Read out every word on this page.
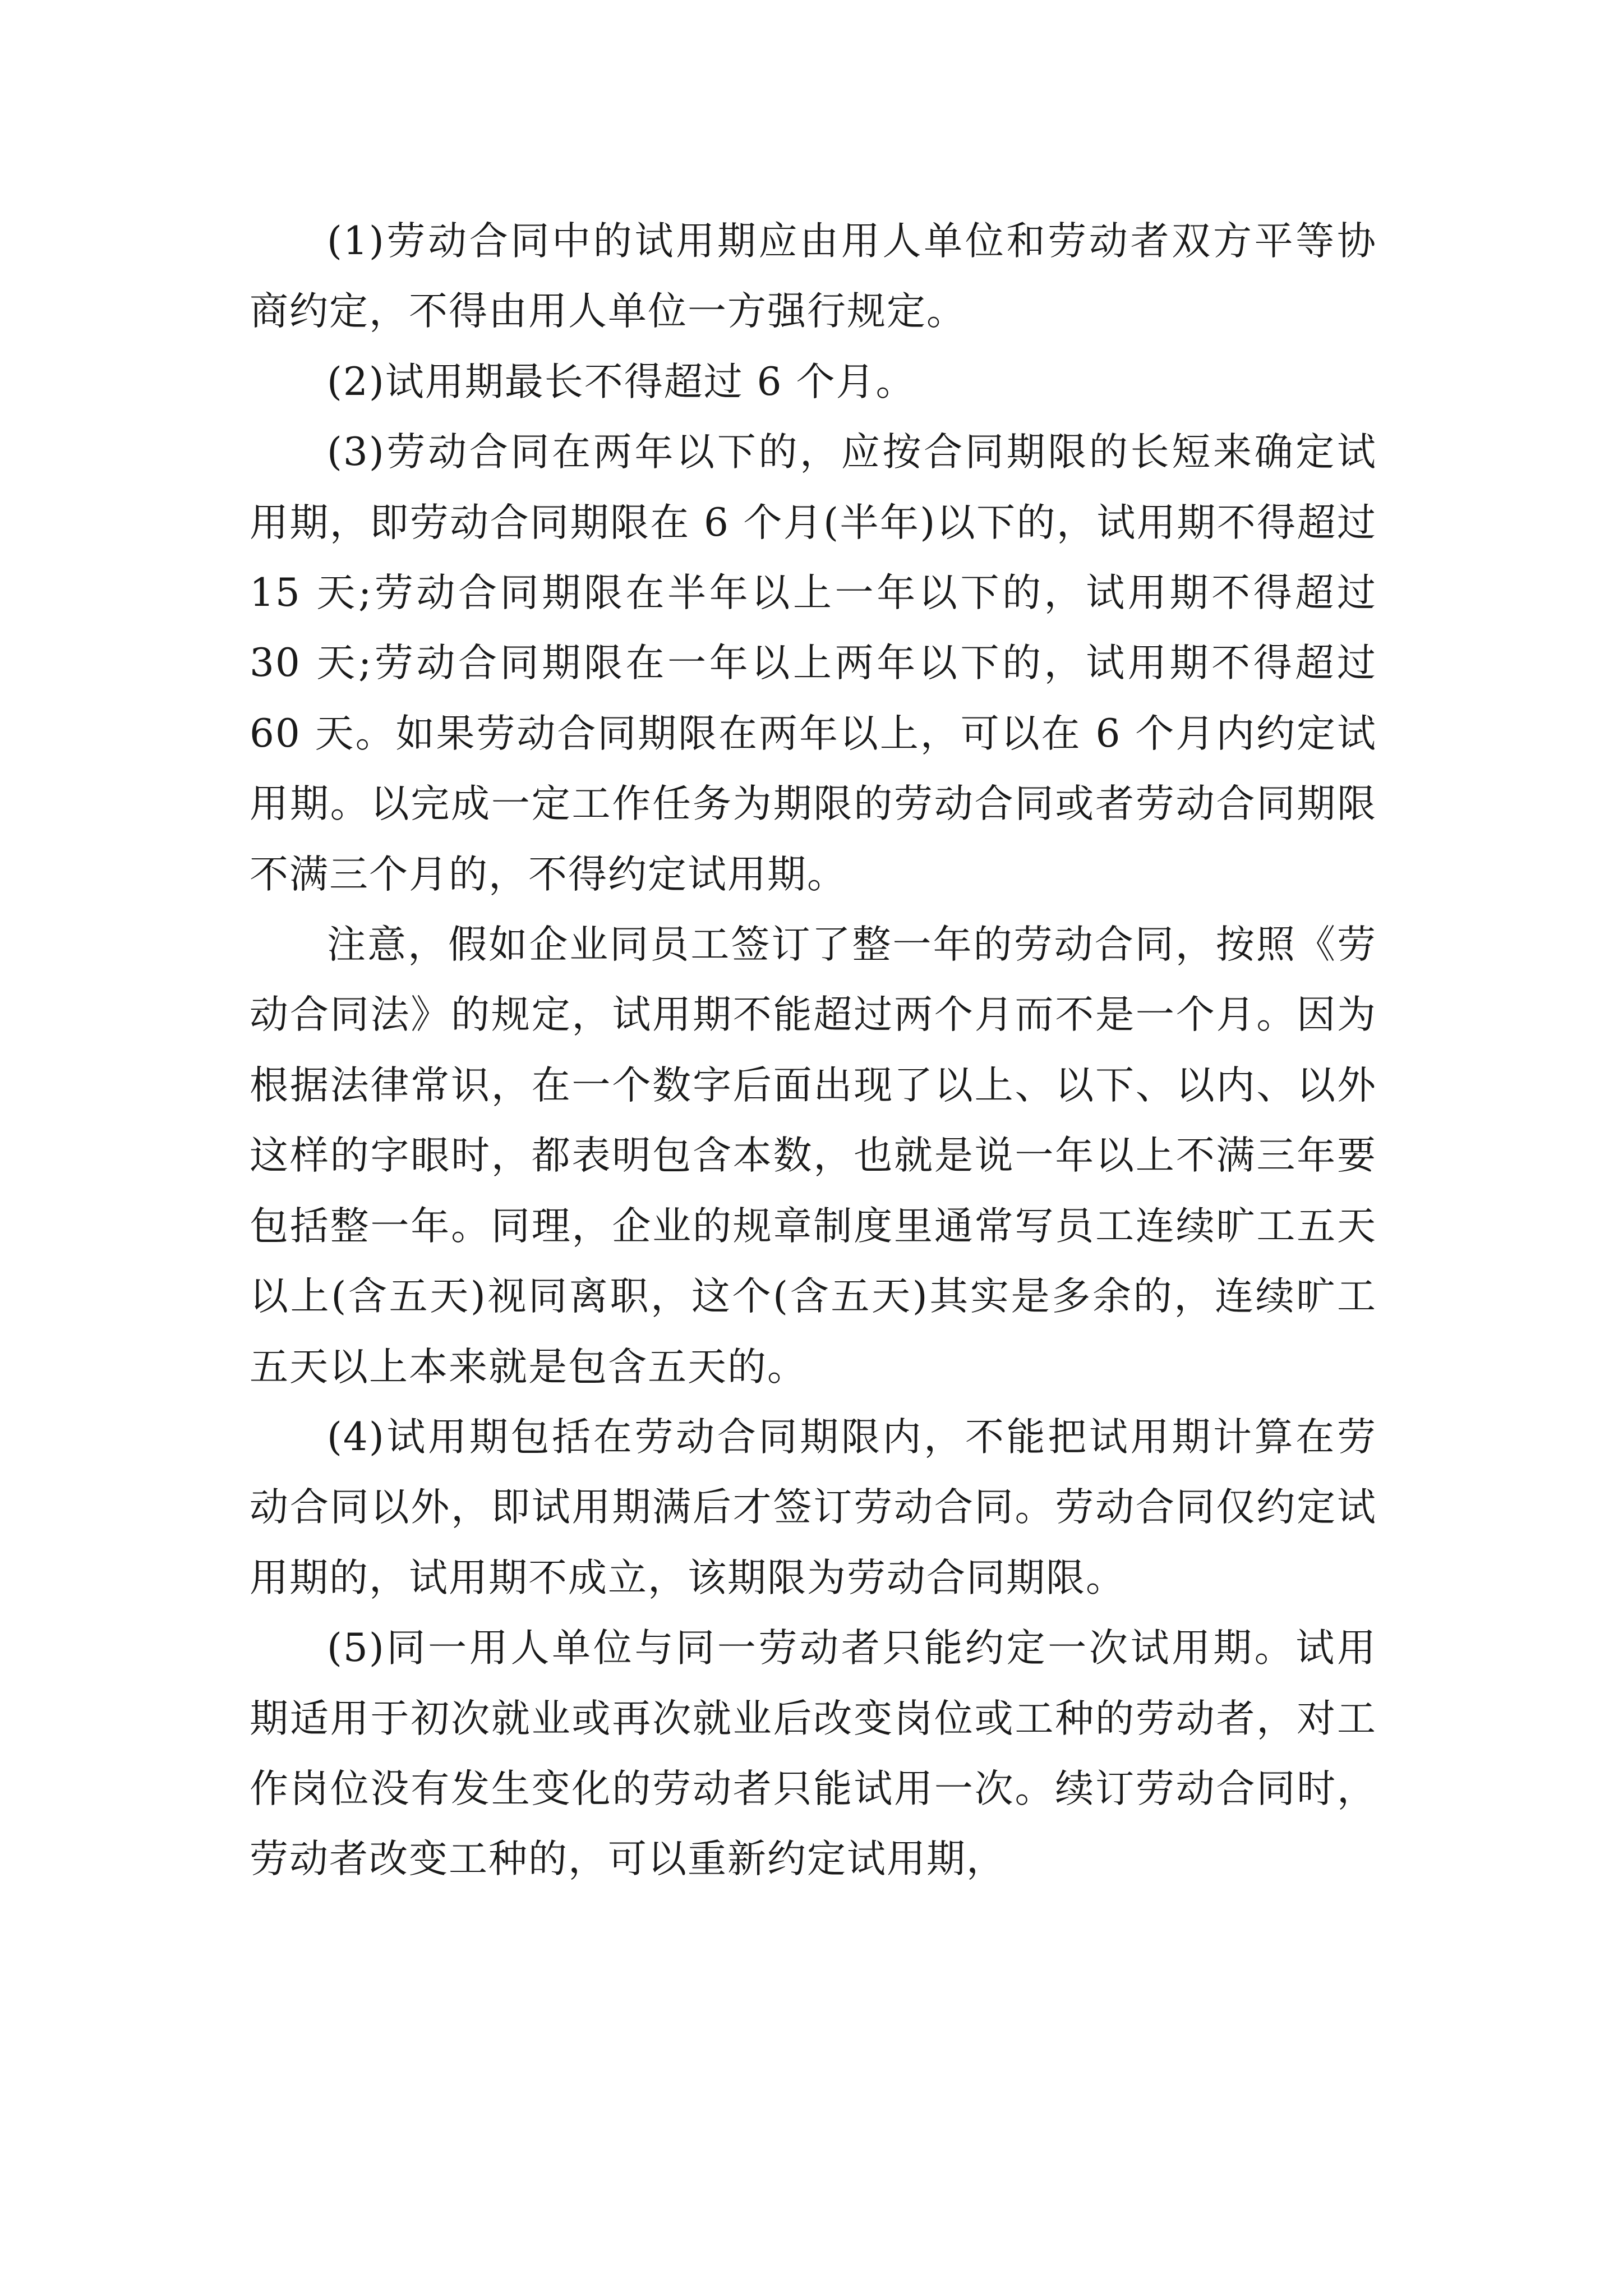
(1)劳动合同中的试用期应由用人单位和劳动者双方平等协商约定，不得由用人单位一方强行规定。

(2)试用期最长不得超过 6 个月。

(3)劳动合同在两年以下的，应按合同期限的长短来确定试用期，即劳动合同期限在 6 个月(半年)以下的，试用期不得超过 15 天;劳动合同期限在半年以上一年以下的，试用期不得超过 30 天;劳动合同期限在一年以上两年以下的，试用期不得超过 60 天。如果劳动合同期限在两年以上，可以在 6 个月内约定试用期。以完成一定工作任务为期限的劳动合同或者劳动合同期限不满三个月的，不得约定试用期。

注意，假如企业同员工签订了整一年的劳动合同，按照《劳动合同法》的规定，试用期不能超过两个月而不是一个月。因为根据法律常识，在一个数字后面出现了以上、以下、以内、以外这样的字眼时，都表明包含本数，也就是说一年以上不满三年要包括整一年。同理，企业的规章制度里通常写员工连续旷工五天以上(含五天)视同离职，这个(含五天)其实是多余的，连续旷工五天以上本来就是包含五天的。

(4)试用期包括在劳动合同期限内，不能把试用期计算在劳动合同以外，即试用期满后才签订劳动合同。劳动合同仅约定试用期的，试用期不成立，该期限为劳动合同期限。

(5)同一用人单位与同一劳动者只能约定一次试用期。试用期适用于初次就业或再次就业后改变岗位或工种的劳动者，对工作岗位没有发生变化的劳动者只能试用一次。续订劳动合同时，劳动者改变工种的，可以重新约定试用期，
